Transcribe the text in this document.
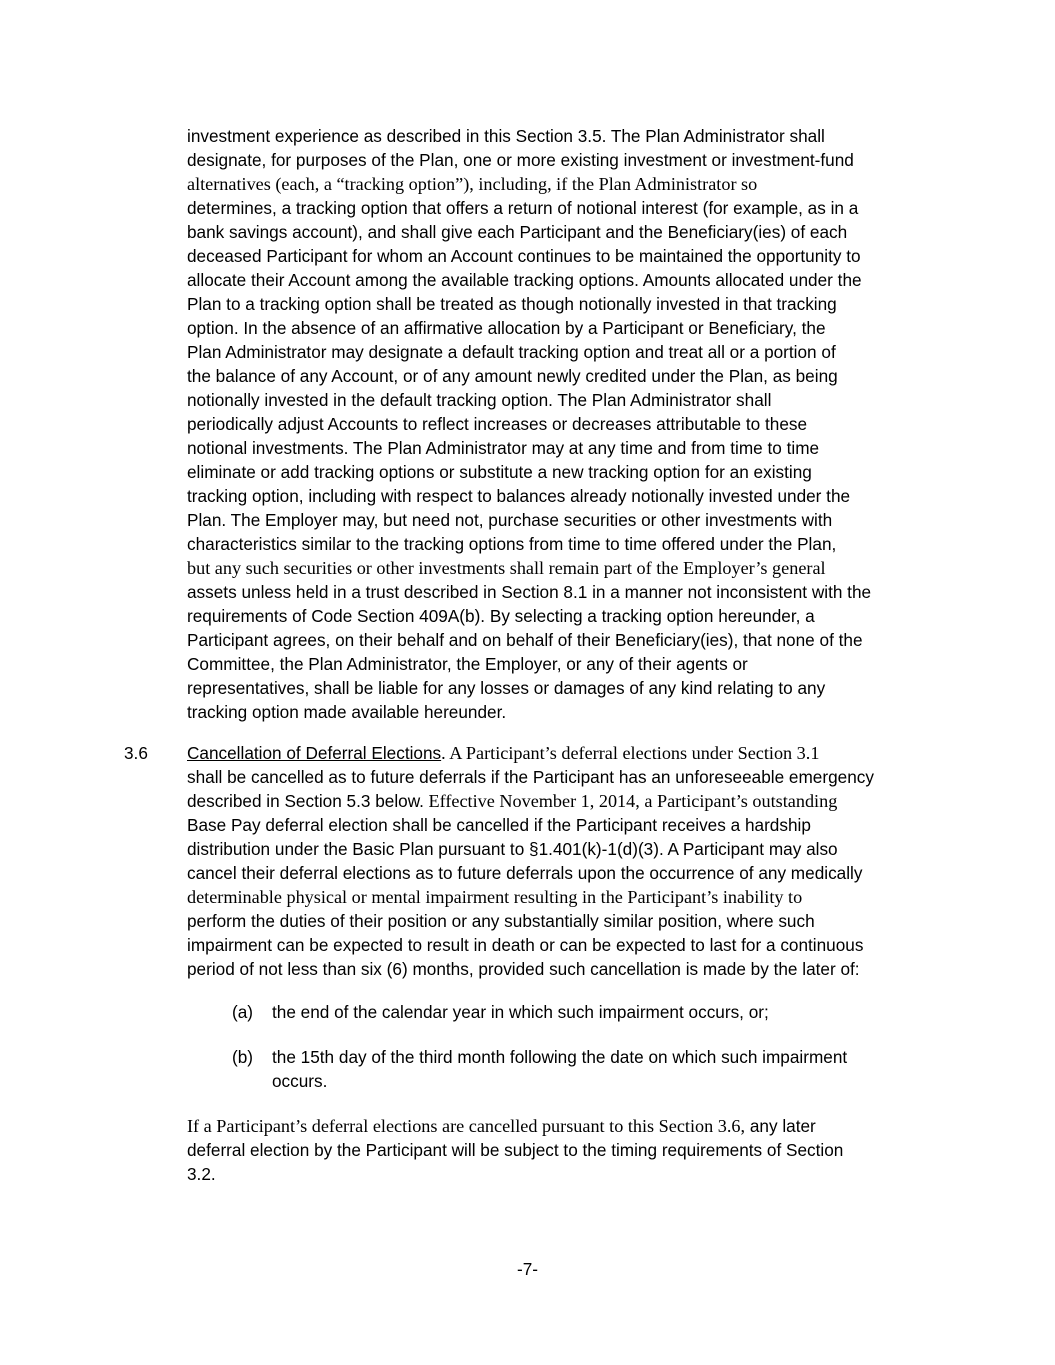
investment experience as described in this Section 3.5. The Plan Administrator shall
designate, for purposes of the Plan, one or more existing investment or investment-fund
alternatives (each, a “tracking option”), including, if the Plan Administrator so
determines, a tracking option that offers a return of notional interest (for example, as in a
bank savings account), and shall give each Participant and the Beneficiary(ies) of each
deceased Participant for whom an Account continues to be maintained the opportunity to
allocate their Account among the available tracking options. Amounts allocated under the
Plan to a tracking option shall be treated as though notionally invested in that tracking
option. In the absence of an affirmative allocation by a Participant or Beneficiary, the
Plan Administrator may designate a default tracking option and treat all or a portion of
the balance of any Account, or of any amount newly credited under the Plan, as being
notionally invested in the default tracking option. The Plan Administrator shall
periodically adjust Accounts to reflect increases or decreases attributable to these
notional investments. The Plan Administrator may at any time and from time to time
eliminate or add tracking options or substitute a new tracking option for an existing
tracking option, including with respect to balances already notionally invested under the
Plan. The Employer may, but need not, purchase securities or other investments with
characteristics similar to the tracking options from time to time offered under the Plan,
but any such securities or other investments shall remain part of the Employer’s general
assets unless held in a trust described in Section 8.1 in a manner not inconsistent with the
requirements of Code Section 409A(b). By selecting a tracking option hereunder, a
Participant agrees, on their behalf and on behalf of their Beneficiary(ies), that none of the
Committee, the Plan Administrator, the Employer, or any of their agents or
representatives, shall be liable for any losses or damages of any kind relating to any
tracking option made available hereunder.
3.6 Cancellation of Deferral Elections. A Participant’s deferral elections under Section 3.1
shall be cancelled as to future deferrals if the Participant has an unforeseeable emergency
described in Section 5.3 below. Effective November 1, 2014, a Participant’s outstanding
Base Pay deferral election shall be cancelled if the Participant receives a hardship
distribution under the Basic Plan pursuant to §1.401(k)-1(d)(3). A Participant may also
cancel their deferral elections as to future deferrals upon the occurrence of any medically
determinable physical or mental impairment resulting in the Participant’s inability to
perform the duties of their position or any substantially similar position, where such
impairment can be expected to result in death or can be expected to last for a continuous
period of not less than six (6) months, provided such cancellation is made by the later of:
(a) the end of the calendar year in which such impairment occurs, or;
(b) the 15th day of the third month following the date on which such impairment
occurs.
If a Participant’s deferral elections are cancelled pursuant to this Section 3.6, any later
deferral election by the Participant will be subject to the timing requirements of Section
3.2.
-7-
